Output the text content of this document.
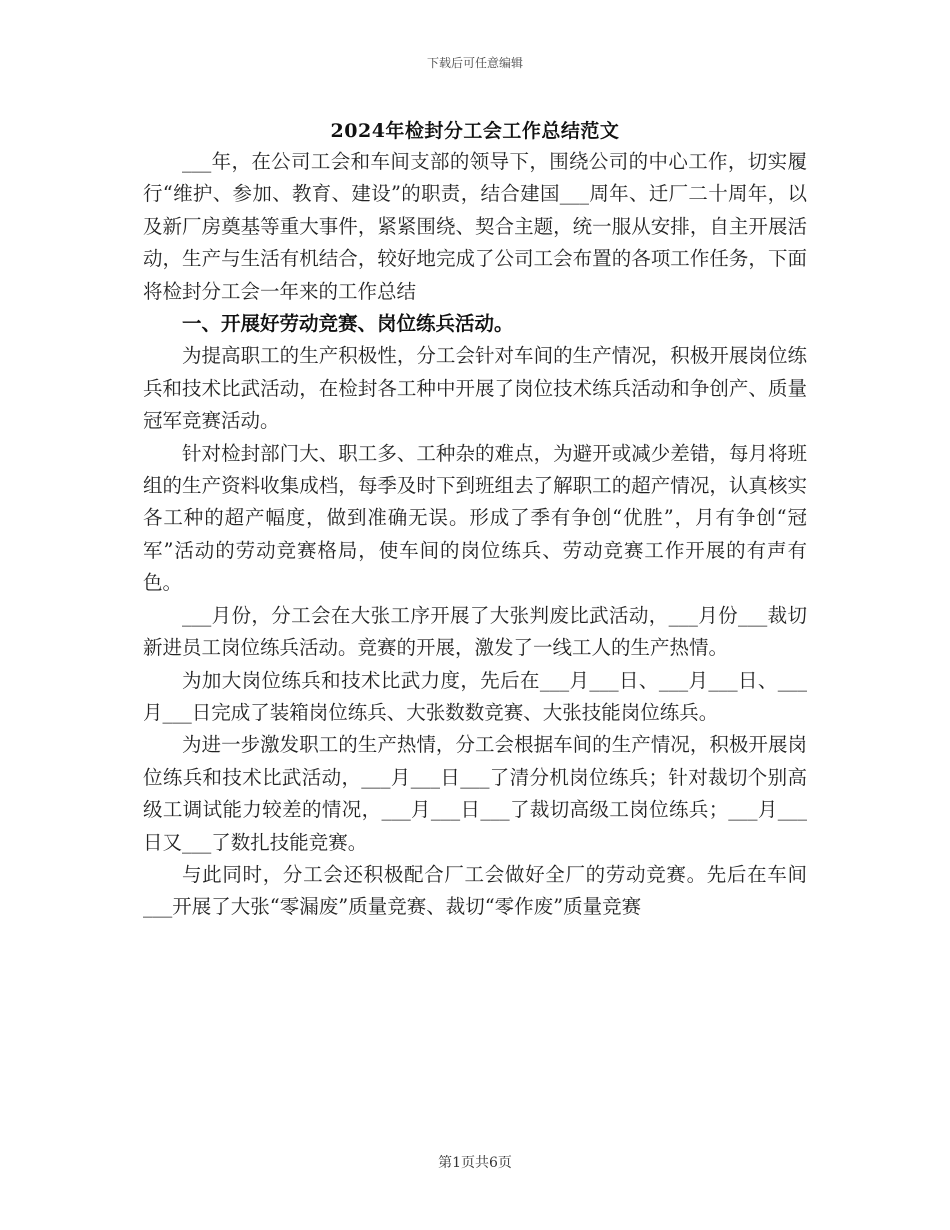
下载后可任意编辑
2024年检封分工会工作总结范文

___年，在公司工会和车间支部的领导下，围绕公司的中心工作，切实履行“维护、参加、教育、建设”的职责，结合建国___周年、迁厂二十周年，以及新厂房奠基等重大事件，紧紧围绕、契合主题，统一服从安排，自主开展活动，生产与生活有机结合，较好地完成了公司工会布置的各项工作任务，下面将检封分工会一年来的工作总结

一、开展好劳动竞赛、岗位练兵活动。

为提高职工的生产积极性，分工会针对车间的生产情况，积极开展岗位练兵和技术比武活动，在检封各工种中开展了岗位技术练兵活动和争创产、质量冠军竞赛活动。

针对检封部门大、职工多、工种杂的难点，为避开或减少差错，每月将班组的生产资料收集成档，每季及时下到班组去了解职工的超产情况，认真核实各工种的超产幅度，做到准确无误。形成了季有争创“优胜”，月有争创“冠军”活动的劳动竞赛格局，使车间的岗位练兵、劳动竞赛工作开展的有声有色。

___月份，分工会在大张工序开展了大张判废比武活动，___月份___裁切新进员工岗位练兵活动。竞赛的开展，激发了一线工人的生产热情。

为加大岗位练兵和技术比武力度，先后在___月___日、___月___日、___月___日完成了装箱岗位练兵、大张数数竞赛、大张技能岗位练兵。

为进一步激发职工的生产热情，分工会根据车间的生产情况，积极开展岗位练兵和技术比武活动，___月___日___了清分机岗位练兵；针对裁切个别高级工调试能力较差的情况，___月___日___了裁切高级工岗位练兵；___月___日又___了数扎技能竞赛。

与此同时，分工会还积极配合厂工会做好全厂的劳动竞赛。先后在车间___开展了大张“零漏废”质量竞赛、裁切“零作废”质量竞赛

第1页共6页
